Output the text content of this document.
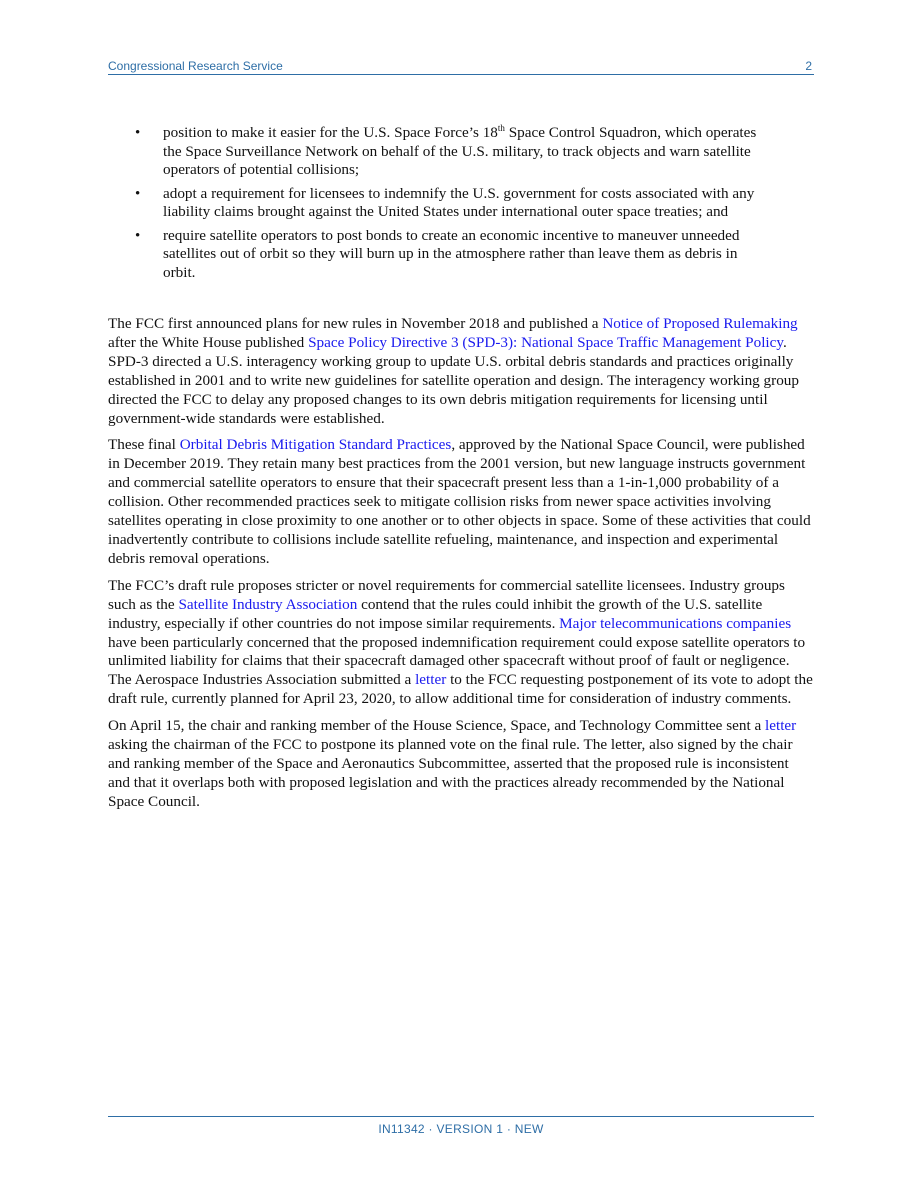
Congressional Research Service	2
• position to make it easier for the U.S. Space Force’s 18th Space Control Squadron, which operates the Space Surveillance Network on behalf of the U.S. military, to track objects and warn satellite operators of potential collisions;
• adopt a requirement for licensees to indemnify the U.S. government for costs associated with any liability claims brought against the United States under international outer space treaties; and
• require satellite operators to post bonds to create an economic incentive to maneuver unneeded satellites out of orbit so they will burn up in the atmosphere rather than leave them as debris in orbit.

The FCC first announced plans for new rules in November 2018 and published a Notice of Proposed Rulemaking after the White House published Space Policy Directive 3 (SPD-3): National Space Traffic Management Policy. SPD-3 directed a U.S. interagency working group to update U.S. orbital debris standards and practices originally established in 2001 and to write new guidelines for satellite operation and design. The interagency working group directed the FCC to delay any proposed changes to its own debris mitigation requirements for licensing until government-wide standards were established.

These final Orbital Debris Mitigation Standard Practices, approved by the National Space Council, were published in December 2019. They retain many best practices from the 2001 version, but new language instructs government and commercial satellite operators to ensure that their spacecraft present less than a 1-in-1,000 probability of a collision. Other recommended practices seek to mitigate collision risks from newer space activities involving satellites operating in close proximity to one another or to other objects in space. Some of these activities that could inadvertently contribute to collisions include satellite refueling, maintenance, and inspection and experimental debris removal operations.

The FCC’s draft rule proposes stricter or novel requirements for commercial satellite licensees. Industry groups such as the Satellite Industry Association contend that the rules could inhibit the growth of the U.S. satellite industry, especially if other countries do not impose similar requirements. Major telecommunications companies have been particularly concerned that the proposed indemnification requirement could expose satellite operators to unlimited liability for claims that their spacecraft damaged other spacecraft without proof of fault or negligence. The Aerospace Industries Association submitted a letter to the FCC requesting postponement of its vote to adopt the draft rule, currently planned for April 23, 2020, to allow additional time for consideration of industry comments.

On April 15, the chair and ranking member of the House Science, Space, and Technology Committee sent a letter asking the chairman of the FCC to postpone its planned vote on the final rule. The letter, also signed by the chair and ranking member of the Space and Aeronautics Subcommittee, asserted that the proposed rule is inconsistent and that it overlaps both with proposed legislation and with the practices already recommended by the National Space Council.

IN11342 · VERSION 1 · NEW
